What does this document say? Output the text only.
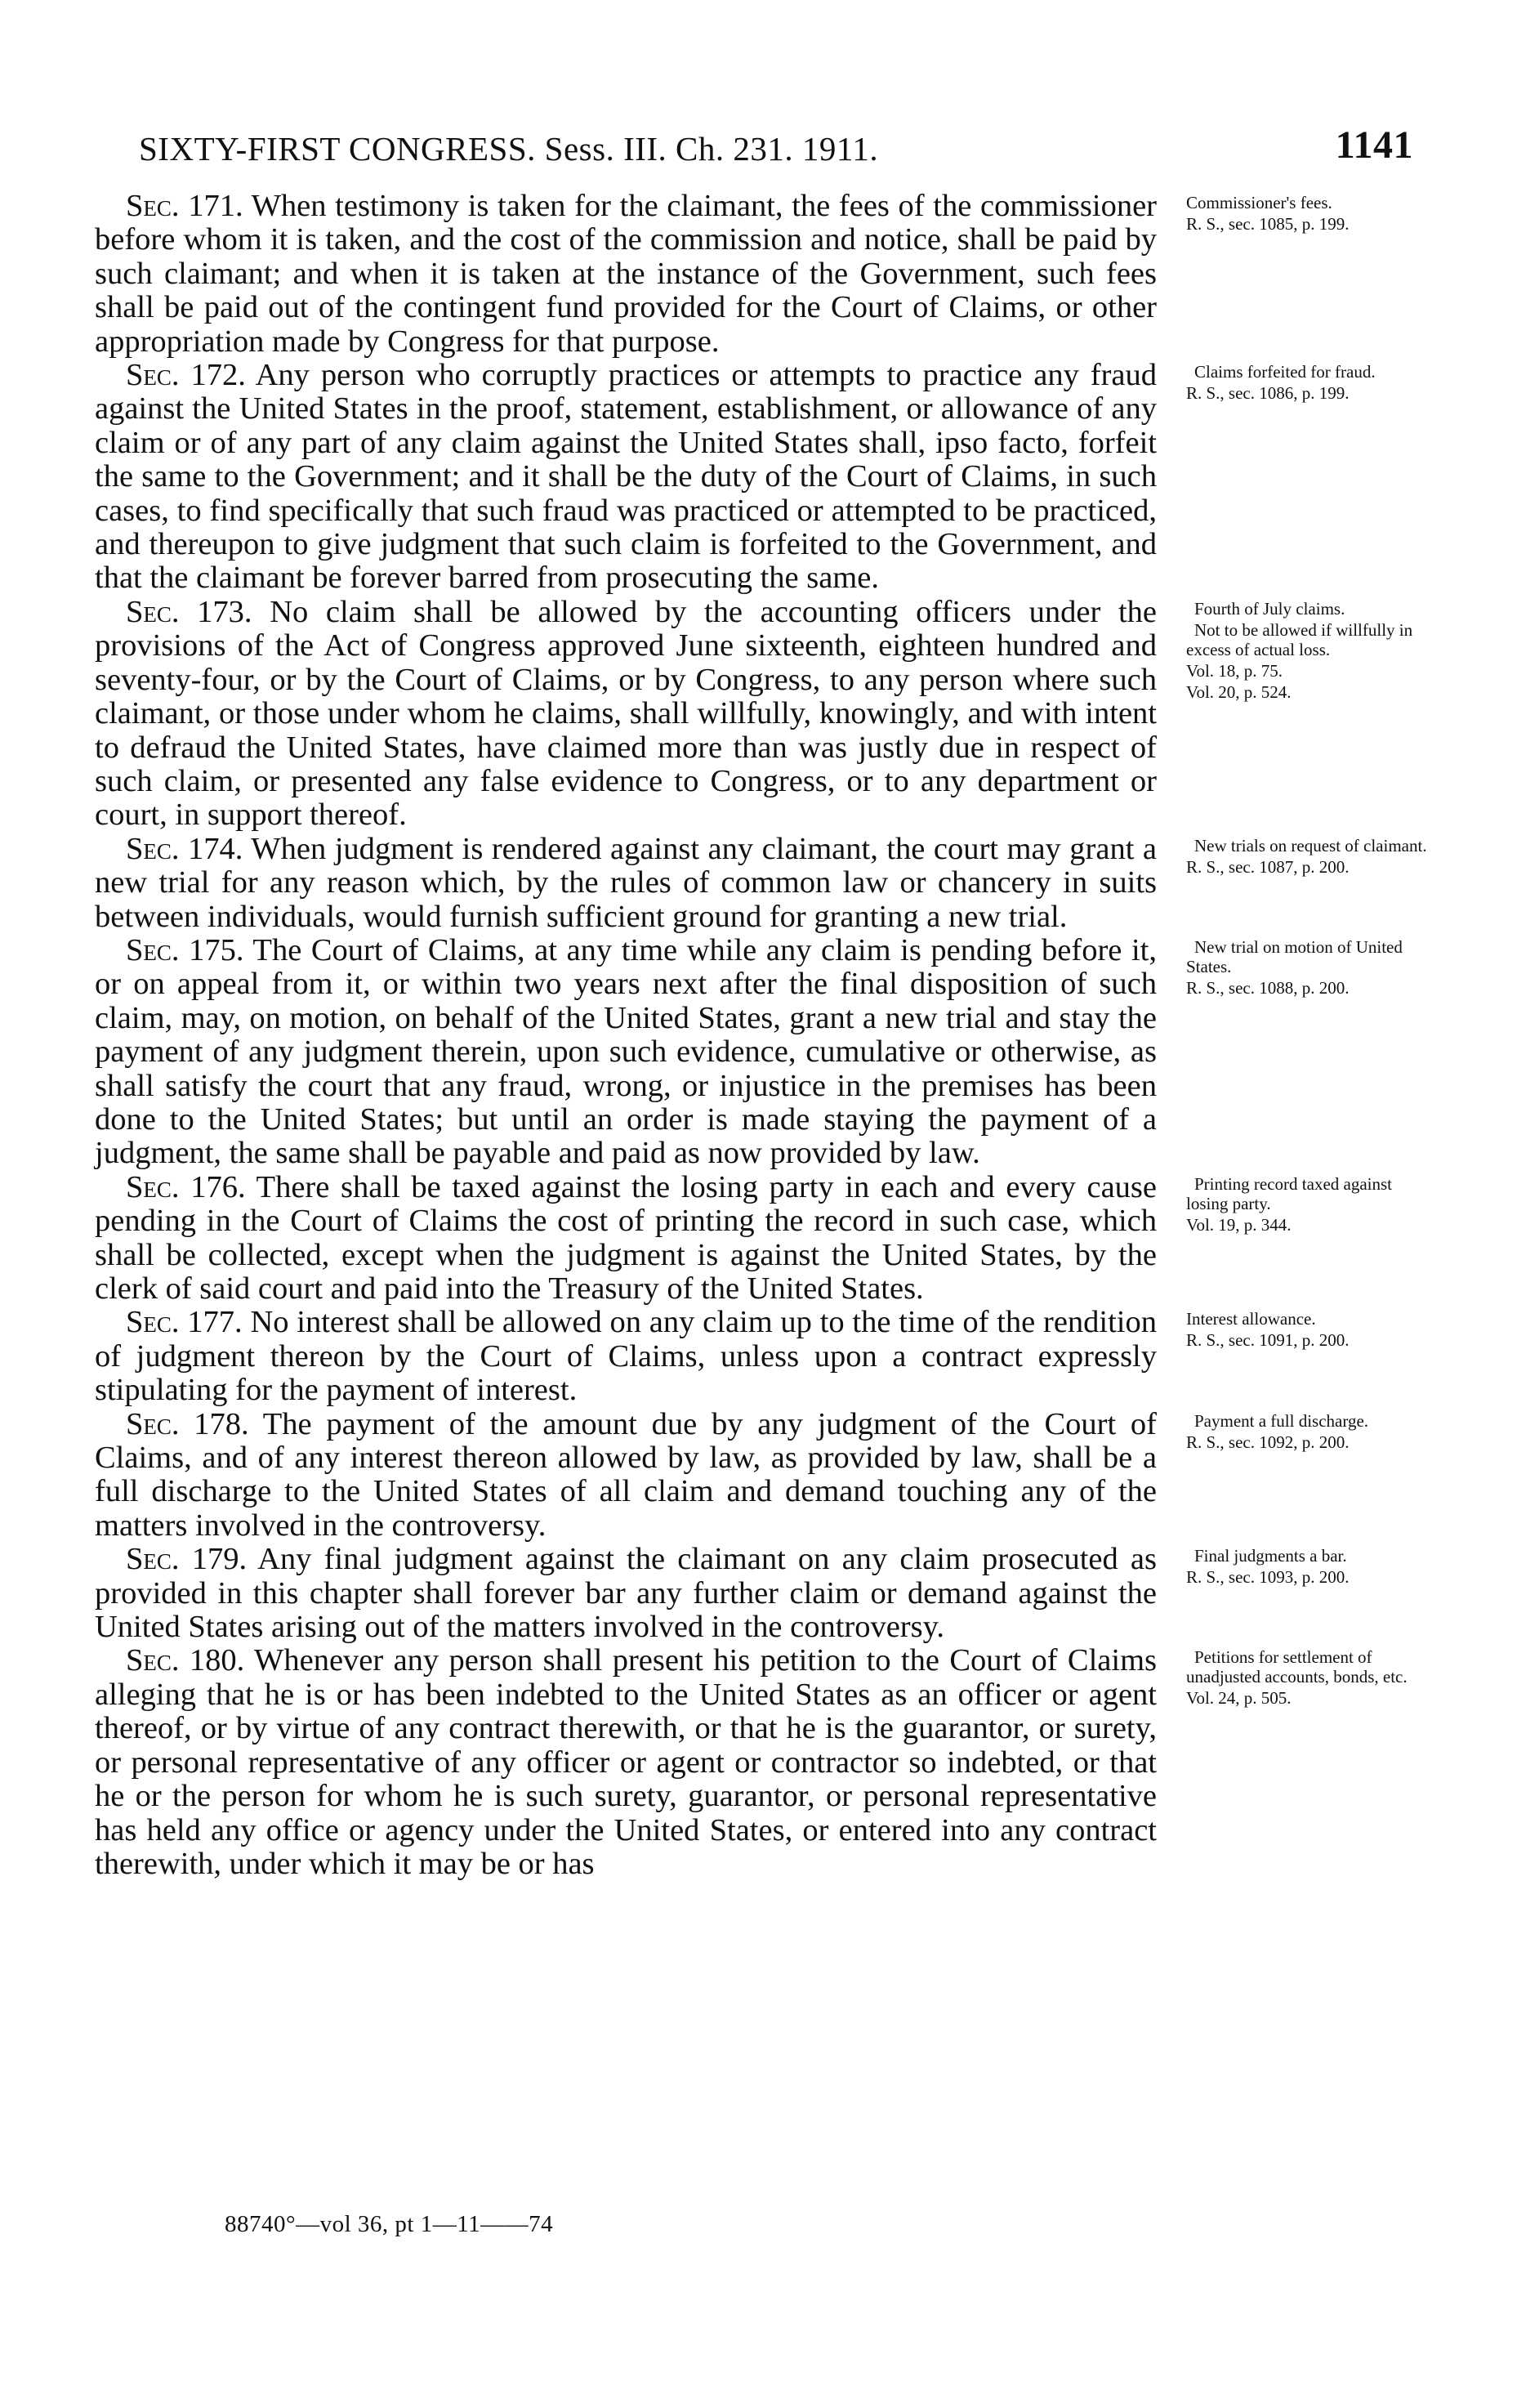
SIXTY-FIRST CONGRESS. Sess. III. Ch. 231. 1911.	1141

Sec. 171. When testimony is taken for the claimant, the fees of the commissioner before whom it is taken, and the cost of the commission and notice, shall be paid by such claimant; and when it is taken at the instance of the Government, such fees shall be paid out of the contingent fund provided for the Court of Claims, or other appropriation made by Congress for that purpose.

Commissioner's fees.

R. S., sec. 1085, p. 199.

Sec. 172. Any person who corruptly practices or attempts to practice any fraud against the United States in the proof, statement, establishment, or allowance of any claim or of any part of any claim against the United States shall, ipso facto, forfeit the same to the Government; and it shall be the duty of the Court of Claims, in such cases, to find specifically that such fraud was practiced or attempted to be practiced, and thereupon to give judgment that such claim is forfeited to the Government, and that the claimant be forever barred from prosecuting the same.

Claims forfeited for fraud.

R. S., sec. 1086, p. 199.

Sec. 173. No claim shall be allowed by the accounting officers under the provisions of the Act of Congress approved June sixteenth, eighteen hundred and seventy-four, or by the Court of Claims, or by Congress, to any person where such claimant, or those under whom he claims, shall willfully, knowingly, and with intent to defraud the United States, have claimed more than was justly due in respect of such claim, or presented any false evidence to Congress, or to any department or court, in support thereof.

Fourth of July claims.

Not to be allowed if willfully in excess of actual loss.

Vol. 18, p. 75.

Vol. 20, p. 524.

Sec. 174. When judgment is rendered against any claimant, the court may grant a new trial for any reason which, by the rules of common law or chancery in suits between individuals, would furnish sufficient ground for granting a new trial.

New trials on request of claimant.

R. S., sec. 1087, p. 200.

Sec. 175. The Court of Claims, at any time while any claim is pending before it, or on appeal from it, or within two years next after the final disposition of such claim, may, on motion, on behalf of the United States, grant a new trial and stay the payment of any judgment therein, upon such evidence, cumulative or otherwise, as shall satisfy the court that any fraud, wrong, or injustice in the premises has been done to the United States; but until an order is made staying the payment of a judgment, the same shall be payable and paid as now provided by law.

New trial on motion of United States.

R. S., sec. 1088, p. 200.

Sec. 176. There shall be taxed against the losing party in each and every cause pending in the Court of Claims the cost of printing the record in such case, which shall be collected, except when the judgment is against the United States, by the clerk of said court and paid into the Treasury of the United States.

Printing record taxed against losing party.

Vol. 19, p. 344.

Sec. 177. No interest shall be allowed on any claim up to the time of the rendition of judgment thereon by the Court of Claims, unless upon a contract expressly stipulating for the payment of interest.

Interest allowance.

R. S., sec. 1091, p. 200.

Sec. 178. The payment of the amount due by any judgment of the Court of Claims, and of any interest thereon allowed by law, as provided by law, shall be a full discharge to the United States of all claim and demand touching any of the matters involved in the controversy.

Payment a full discharge.

R. S., sec. 1092, p. 200.

Sec. 179. Any final judgment against the claimant on any claim prosecuted as provided in this chapter shall forever bar any further claim or demand against the United States arising out of the matters involved in the controversy.

Final judgments a bar.

R. S., sec. 1093, p. 200.

Sec. 180. Whenever any person shall present his petition to the Court of Claims alleging that he is or has been indebted to the United States as an officer or agent thereof, or by virtue of any contract therewith, or that he is the guarantor, or surety, or personal representative of any officer or agent or contractor so indebted, or that he or the person for whom he is such surety, guarantor, or personal representative has held any office or agency under the United States, or entered into any contract therewith, under which it may be or has

Petitions for settlement of unadjusted accounts, bonds, etc.

Vol. 24, p. 505.

88740°—vol 36, pt 1—11——74
